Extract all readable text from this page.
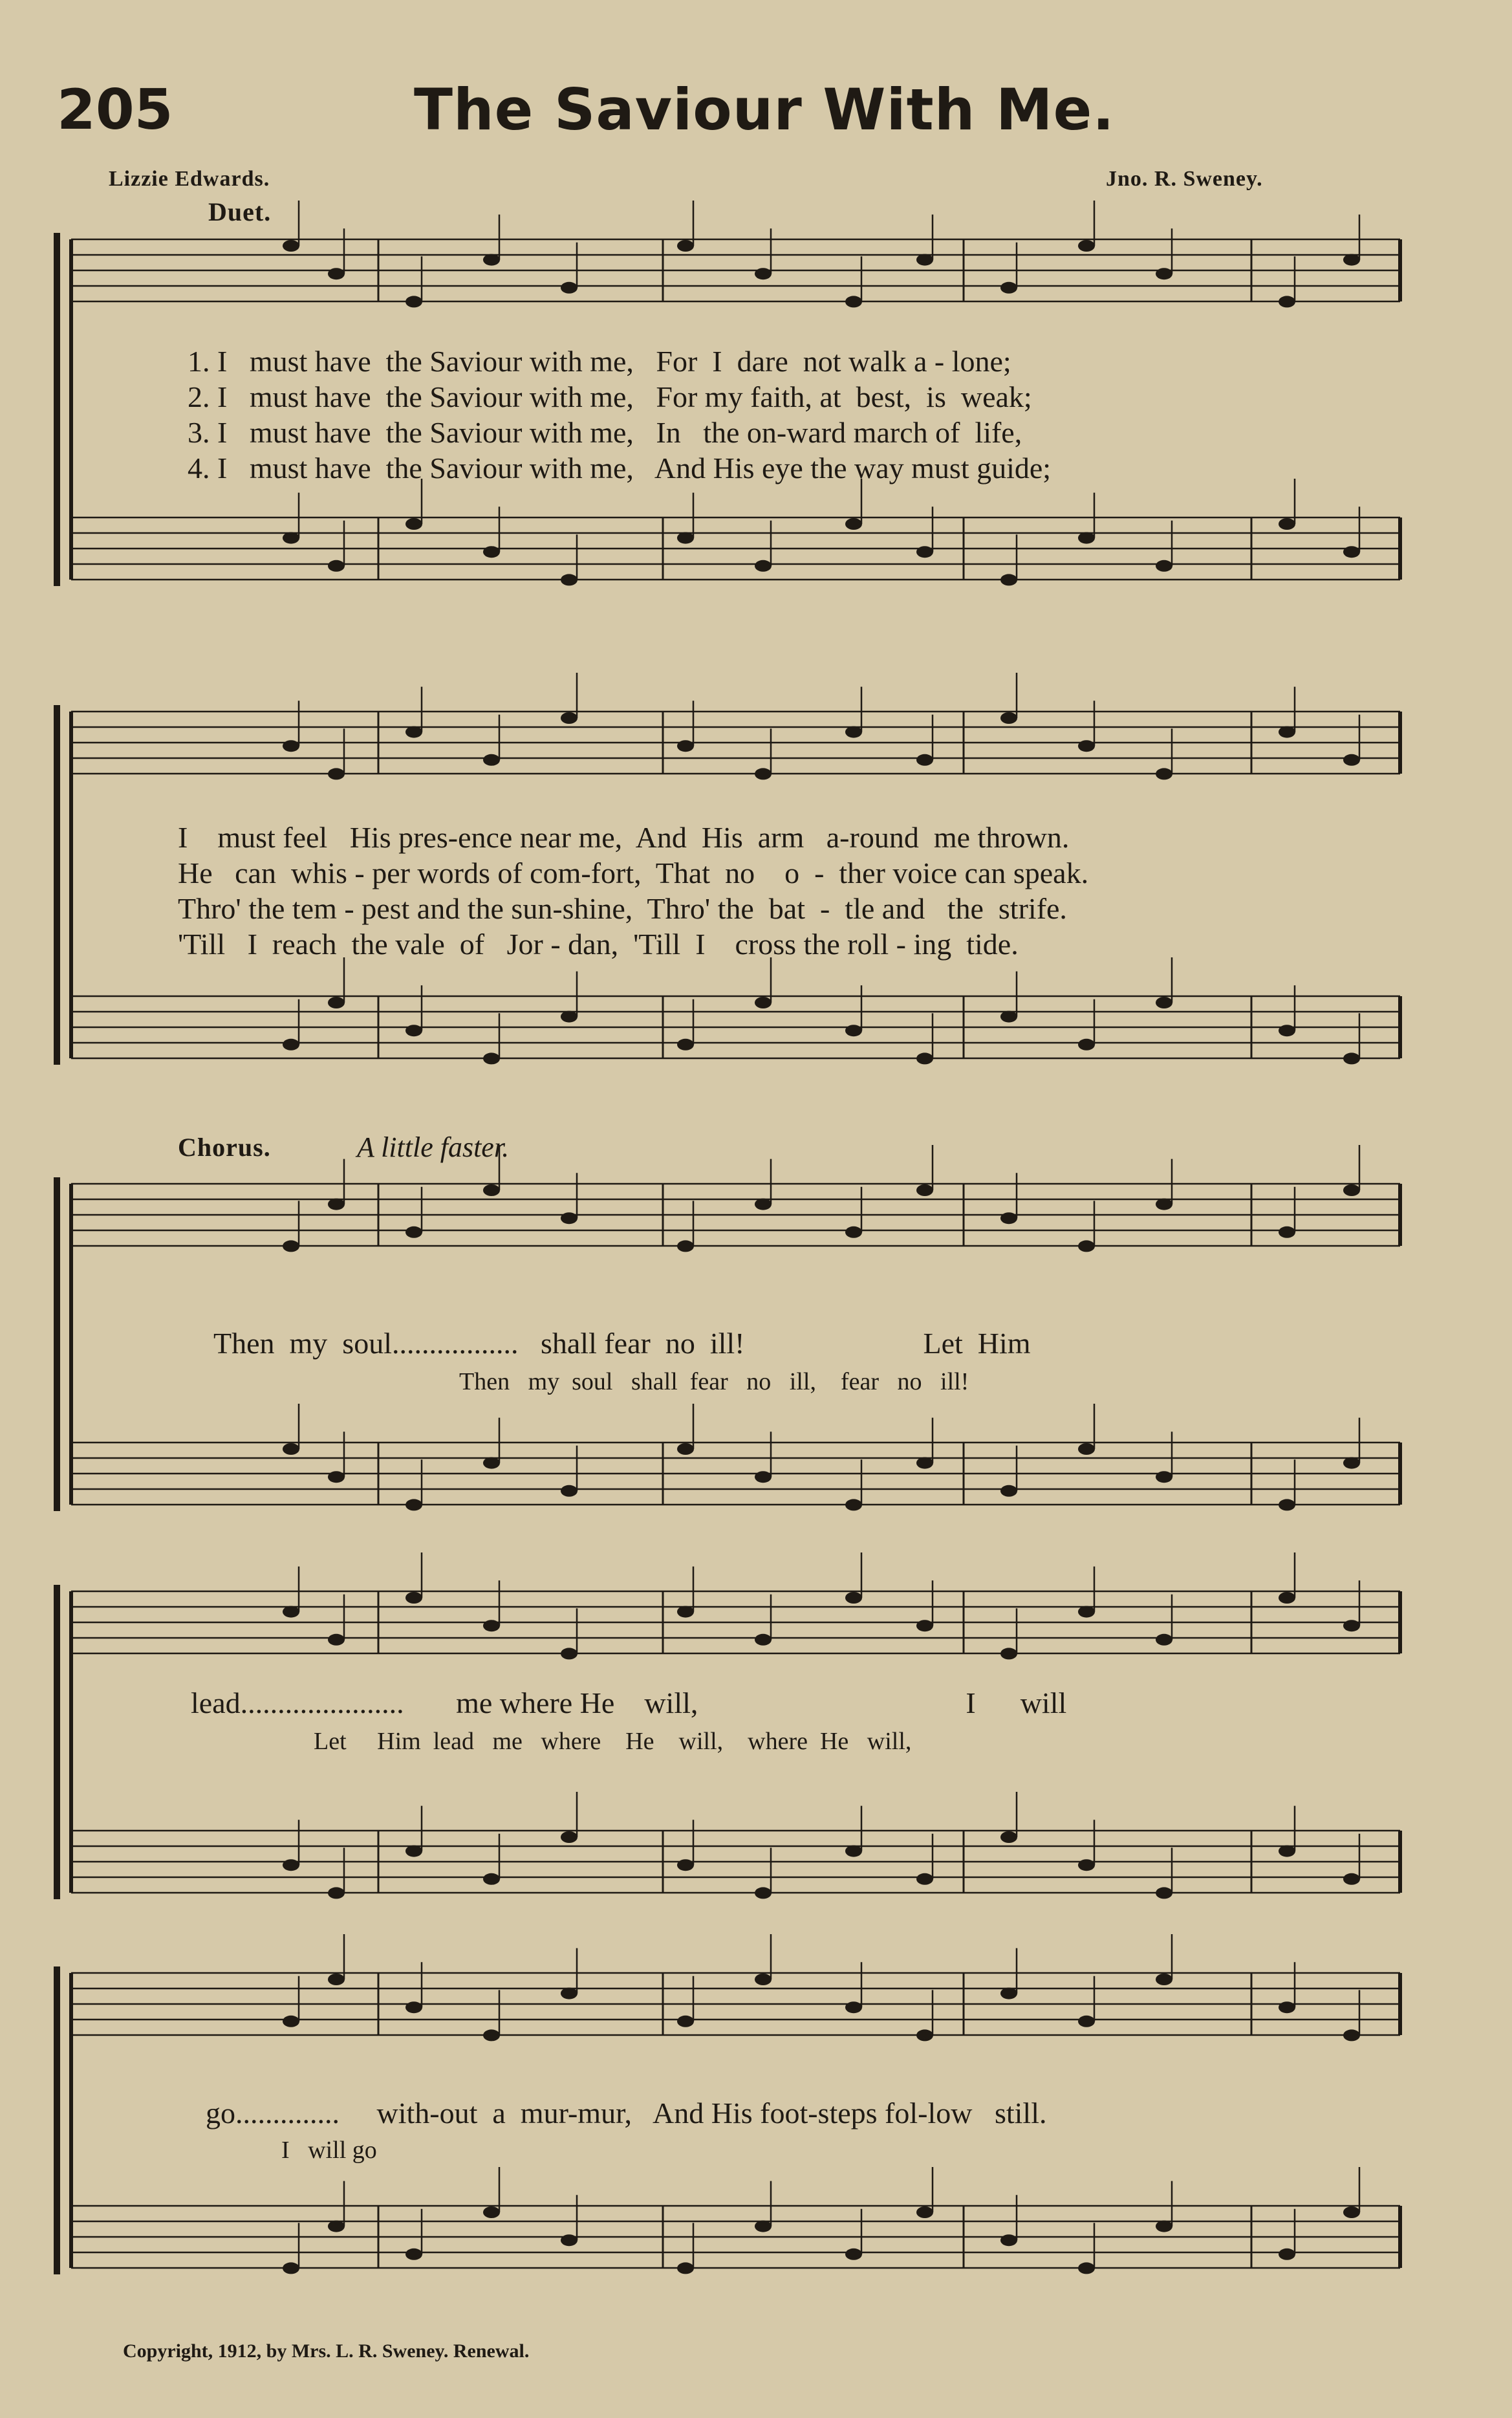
205	The Saviour With Me.
Lizzie Edwards.	Jno. R. Sweney.
Duet.
1. I   must have  the Saviour with me,   For  I  dare  not walk a - lone;
2. I   must have  the Saviour with me,   For my faith, at  best,  is  weak;
3. I   must have  the Saviour with me,   In   the on-ward march of  life,
4. I   must have  the Saviour with me,   And His eye the way must guide;
I    must feel   His pres-ence near me,  And  His  arm   a-round  me thrown.
He   can  whis - per words of com-fort,  That  no    o  -  ther voice can speak.
Thro' the tem - pest and the sun-shine,  Thro' the  bat  -  tle and   the  strife.
'Till   I  reach  the vale  of   Jor - dan,  'Till  I    cross the roll - ing  tide.
Chorus.	A little faster.
Then  my  soul.................   shall fear  no  ill!                        Let  Him
Then   my  soul   shall  fear   no   ill,    fear   no   ill!
lead......................       me where He    will,                                    I      will
Let     Him  lead   me   where    He    will,    where  He   will,
go..............     with-out  a  mur-mur,   And His foot-steps fol-low   still.
I   will go
Copyright, 1912, by Mrs. L. R. Sweney. Renewal.
